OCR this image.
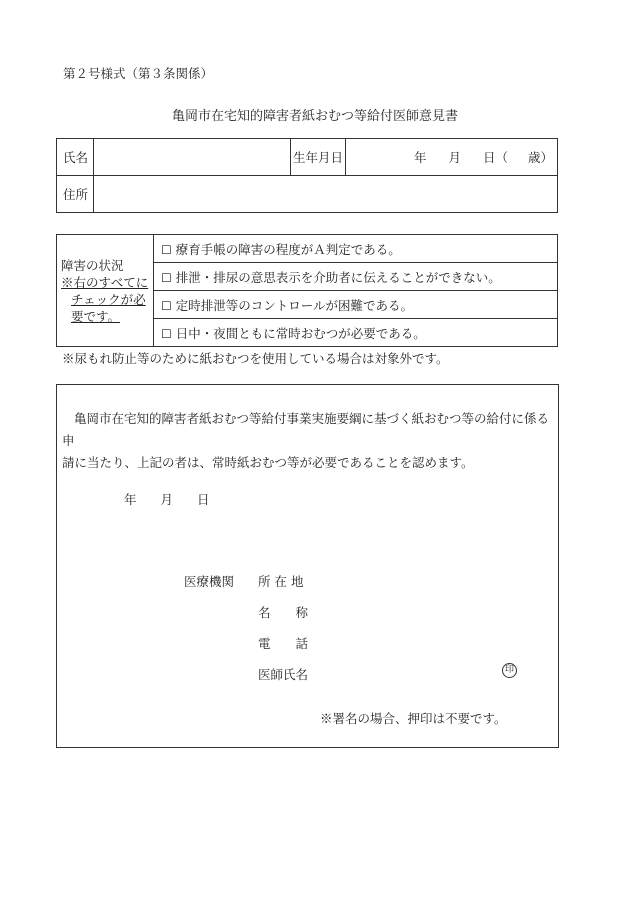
第２号様式（第３条関係）
亀岡市在宅知的障害者紙おむつ等給付医師意見書
氏名		生年月日	年 月 日（ 歳）
住所			
障害の状況
※右のすべてに
チェックが必
要です。
	☐ 療育手帳の障害の程度がＡ判定である。
☐ 排泄・排尿の意思表示を介助者に伝えることができない。
☐ 定時排泄等のコントロールが困難である。
☐ 日中・夜間ともに常時おむつが必要である。
※尿もれ防止等のために紙おむつを使用している場合は対象外です。
亀岡市在宅知的障害者紙おむつ等給付事業実施要綱に基づく紙おむつ等の給付に係る申
請に当たり、上記の者は、常時紙おむつ等が必要であることを認めます。
年 月 日
医療機関 所 在 地
名　　称
電　　話
医師氏名	印
※署名の場合、押印は不要です。
